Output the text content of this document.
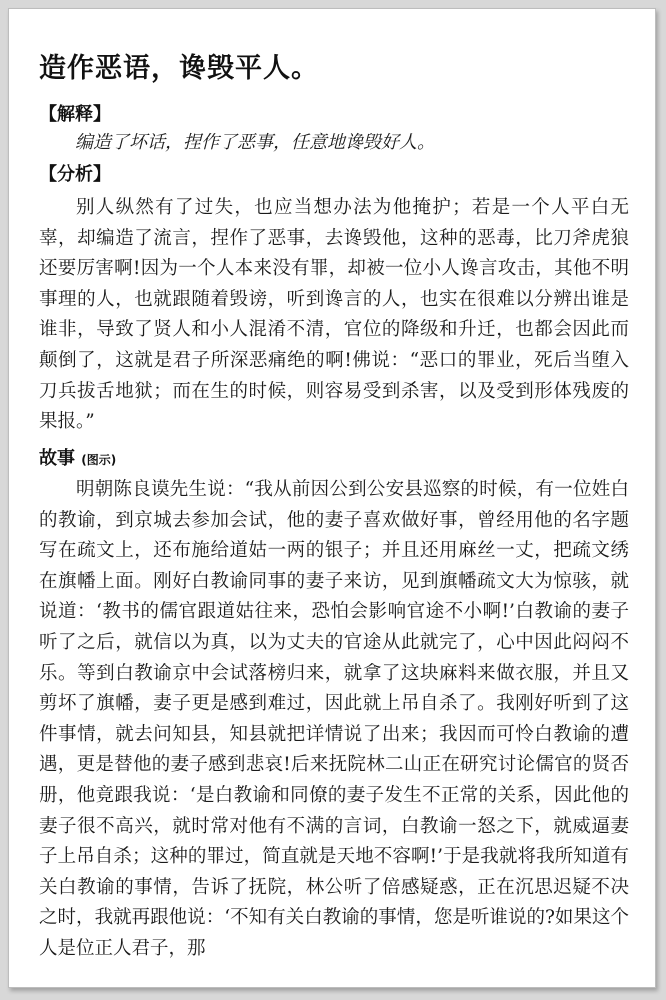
造作恶语，谗毁平人。
【解释】

编造了坏话，捏作了恶事，任意地谗毁好人。

【分析】

别人纵然有了过失，也应当想办法为他掩护；若是一个人平白无辜，却编造了流言，捏作了恶事，去谗毁他，这种的恶毒，比刀斧虎狼还要厉害啊!因为一个人本来没有罪，却被一位小人谗言攻击，其他不明事理的人，也就跟随着毁谤，听到谗言的人，也实在很难以分辨出谁是谁非，导致了贤人和小人混淆不清，官位的降级和升迁，也都会因此而颠倒了，这就是君子所深恶痛绝的啊!佛说：“恶口的罪业，死后当堕入刀兵拔舌地狱；而在生的时候，则容易受到杀害，以及受到形体残废的果报。”

故事 (图示)

明朝陈良谟先生说：“我从前因公到公安县巡察的时候，有一位姓白的教谕，到京城去参加会试，他的妻子喜欢做好事，曾经用他的名字题写在疏文上，还布施给道姑一两的银子；并且还用麻丝一丈，把疏文绣在旗幡上面。刚好白教谕同事的妻子来访，见到旗幡疏文大为惊骇，就说道：‘教书的儒官跟道姑往来，恐怕会影响官途不小啊!’白教谕的妻子听了之后，就信以为真，以为丈夫的官途从此就完了，心中因此闷闷不乐。等到白教谕京中会试落榜归来，就拿了这块麻料来做衣服，并且又剪坏了旗幡，妻子更是感到难过，因此就上吊自杀了。我刚好听到了这件事情，就去问知县，知县就把详情说了出来；我因而可怜白教谕的遭遇，更是替他的妻子感到悲哀!后来抚院林二山正在研究讨论儒官的贤否册，他竟跟我说：‘是白教谕和同僚的妻子发生不正常的关系，因此他的妻子很不高兴，就时常对他有不满的言词，白教谕一怒之下，就威逼妻子上吊自杀；这种的罪过，简直就是天地不容啊!’于是我就将我所知道有关白教谕的事情，告诉了抚院，林公听了倍感疑惑，正在沉思迟疑不决之时，我就再跟他说：‘不知有关白教谕的事情，您是听谁说的?如果这个人是位正人君子，那
